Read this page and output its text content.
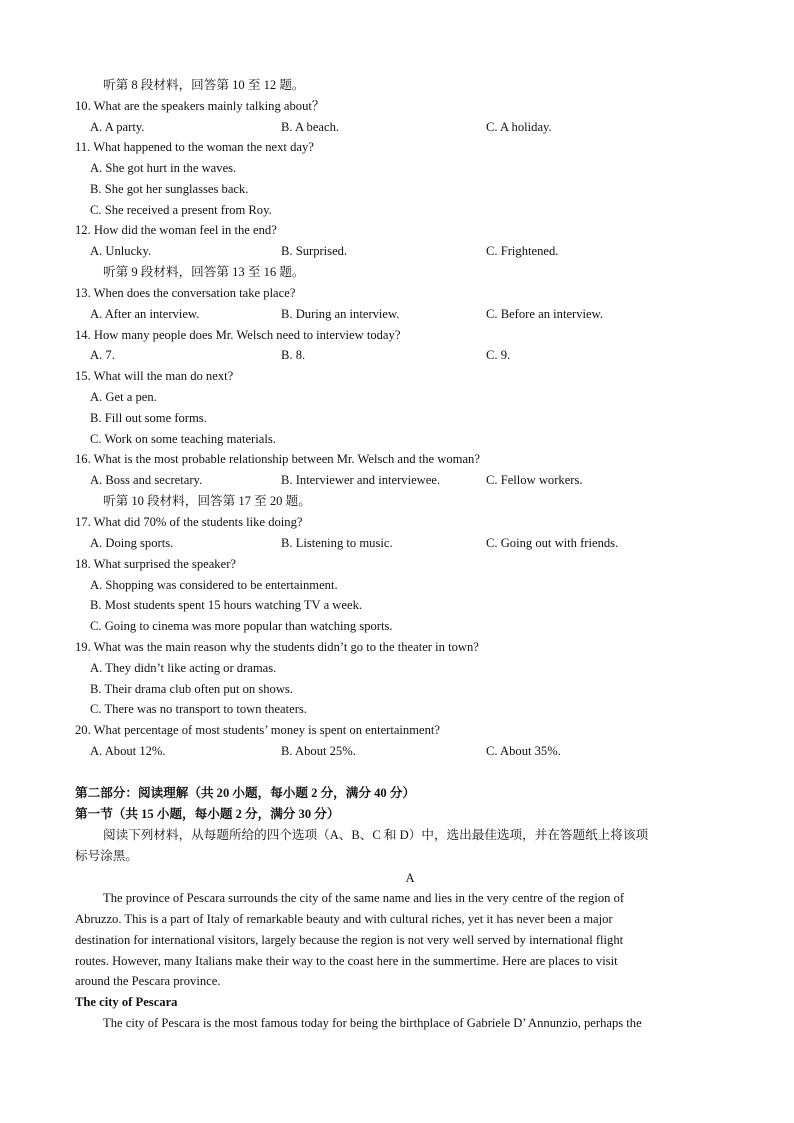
听第 8 段材料，回答第 10 至 12 题。
10. What are the speakers mainly talking about？
A. A party.	B. A beach.	C. A holiday.
11. What happened to the woman the next day?
A. She got hurt in the waves.
B. She got her sunglasses back.
C. She received a present from Roy.
12. How did the woman feel in the end?
A. Unlucky.	B. Surprised.	C. Frightened.
听第 9 段材料，回答第 13 至 16 题。
13. When does the conversation take place?
A. After an interview.	B. During an interview.	C. Before an interview.
14. How many people does Mr. Welsch need to interview today?
A. 7.	B. 8.	C. 9.
15. What will the man do next?
A. Get a pen.
B. Fill out some forms.
C. Work on some teaching materials.
16. What is the most probable relationship between Mr. Welsch and the woman?
A. Boss and secretary.	B. Interviewer and interviewee.	C. Fellow workers.
听第 10 段材料，回答第 17 至 20 题。
17. What did 70% of the students like doing?
A. Doing sports.	B. Listening to music.	C. Going out with friends.
18. What surprised the speaker?
A. Shopping was considered to be entertainment.
B. Most students spent 15 hours watching TV a week.
C. Going to cinema was more popular than watching sports.
19. What was the main reason why the students didn’t go to the theater in town?
A. They didn’t like acting or dramas.
B. Their drama club often put on shows.
C. There was no transport to town theaters.
20. What percentage of most students’ money is spent on entertainment?
A. About 12%.	B. About 25%.	C. About 35%.
第二部分：阅读理解（共 20 小题，每小题 2 分，满分 40 分）
第一节（共 15 小题，每小题 2 分，满分 30 分）
阅读下列材料，从每题所给的四个选项（A、B、C 和 D）中，选出最佳选项，并在答题纸上将该项
标号涂黑。
A
The province of Pescara surrounds the city of the same name and lies in the very centre of the region of
Abruzzo. This is a part of Italy of remarkable beauty and with cultural riches, yet it has never been a major
destination for international visitors, largely because the region is not very well served by international flight
routes. However, many Italians make their way to the coast here in the summertime. Here are places to visit
around the Pescara province.
The city of Pescara
The city of Pescara is the most famous today for being the birthplace of Gabriele D’ Annunzio, perhaps the
